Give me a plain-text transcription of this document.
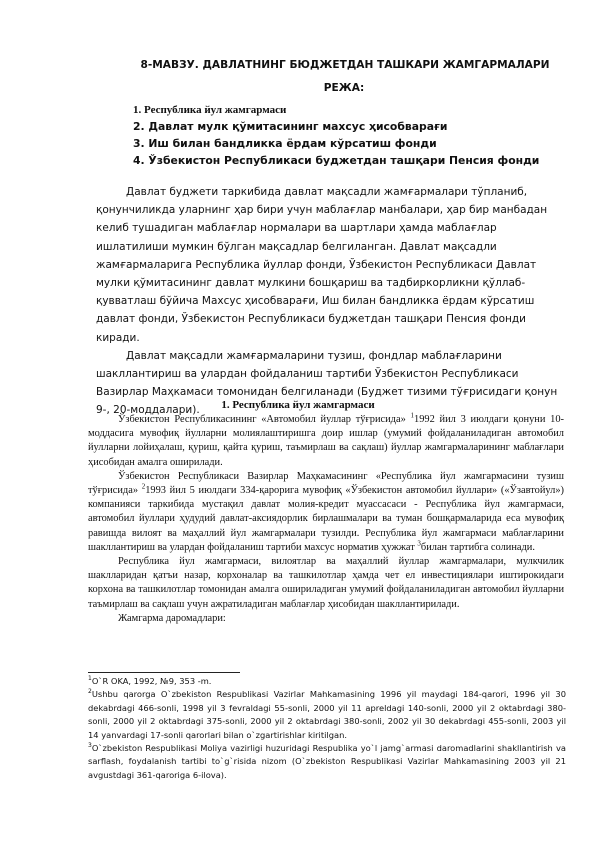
8-МАВЗУ. ДАВЛАТНИНГ БЮДЖЕТДАН ТАШКАРИ ЖАМГАРМАЛАРИ
РЕЖА:
1. Республика йул жамгармаси
2. Давлат мулк қўмитасининг махсус ҳисобварағи
3. Иш билан бандликка ёрдам кўрсатиш фонди
4. Ўзбекистон Республикаси буджетдан ташқари Пенсия фонди

Давлат буджети таркибида давлат мақсадли жамғармалари тўпланиб, қонунчиликда уларнинг ҳар бири учун маблағлар манбалари, ҳар бир манбадан келиб тушадиган маблағлар нормалари ва шартлари ҳамда маблағлар ишлатилиши мумкин бўлган мақсадлар белгиланган. Давлат мақсадли жамғармаларига Республика йуллар фонди, Ўзбекистон Республикаси Давлат мулки қўмитасининг давлат мулкини бошқариш ва тадбиркорликни қўллаб-қувватлаш бўйича Махсус ҳисобварағи, Иш билан бандликка ёрдам кўрсатиш давлат фонди, Ўзбекистон Республикаси буджетдан ташқари Пенсия фонди киради.

Давлат мақсадли жамғармаларини тузиш, фондлар маблағларини шакллантириш ва улардан фойдаланиш тартиби Ўзбекистон Республикаси Вазирлар Маҳкамаси томонидан белгиланади (Буджет тизими тўғрисидаги қонун 9-, 20-моддалари).	1. Республика йул жамгармаси

Ўзбекистон Республикасининг «Автомобил йуллар тўғрисида» $^1$1992 йил 3 июлдаги қонуни 10-моддасига мувофиқ йулларни молиялаштиришга доир ишлар (умумий фойдаланиладиган автомобил йулларни лойиҳалаш, қуриш, қайта қуриш, таъмирлаш ва сақлаш) йуллар жамгармаларининг маблағлари ҳисобидан амалга оширилади.

Ўзбекистон Республикаси Вазирлар Маҳкамасининг «Республика йул жамгармасини тузиш тўғрисида» $^2$1993 йил 5 июлдаги 334-қарорига мувофиқ «Ўзбекистон автомобил йуллари» («Ўзавтойул») компанияси таркибида мустақил давлат молия-кредит муассасаси - Республика йул жамгармаси, автомобил йуллари ҳудудий давлат-аксиядорлик бирлашмалари ва туман бошқармаларида еса мувофиқ равишда вилоят ва маҳаллий йул жамгармалари тузилди. Республика йул жамгармаси маблағларини шакллантириш ва улардан фойдаланиш тартиби махсус норматив ҳужжат $^3$билан тартибга солинади.

Республика йул жамгармаси, вилоятлар ва маҳаллий йуллар жамгармалари, мулкчилик шаклларидан қатъи назар, корхоналар ва ташкилотлар ҳамда чет ел инвестициялари иштирокидаги корхона ва ташкилотлар томонидан амалга ошириладиган умумий фойдаланиладиган автомобил йулларни таъмирлаш ва сақлаш учун ажратиладиган маблағлар ҳисобидан шакллантирилади.

Жамгарма даромадлари:

$^1$O`R OKA, 1992, №9, 353 -m.

$^2$Ushbu qarorga O`zbekiston Respublikasi Vazirlar Mahkamasining 1996 yil maydagi 184-qarori, 1996 yil 30 dekabrdagi 466-sonli, 1998 yil 3 fevraldagi 55-sonli, 2000 yil 11 apreldagi 140-sonli, 2000 yil 2 oktabrdagi 380-sonli, 2000 yil 2 oktabrdagi 375-sonli, 2000 yil 2 oktabrdagi 380-sonli, 2002 yil 30 dekabrdagi 455-sonli, 2003 yil 14 yanvardagi 17-sonli qarorlari bilan o`zgartirishlar kiritilgan.

$^3$O`zbekiston Respublikasi Moliya vazirligi huzuridagi Respublika yo`l jamg`armasi daromadlarini shakllantirish va sarflash, foydalanish tartibi to`g`risida nizom (O`zbekiston Respublikasi Vazirlar Mahkamasining 2003 yil 21 avgustdagi 361-qaroriga 6-ilova).
